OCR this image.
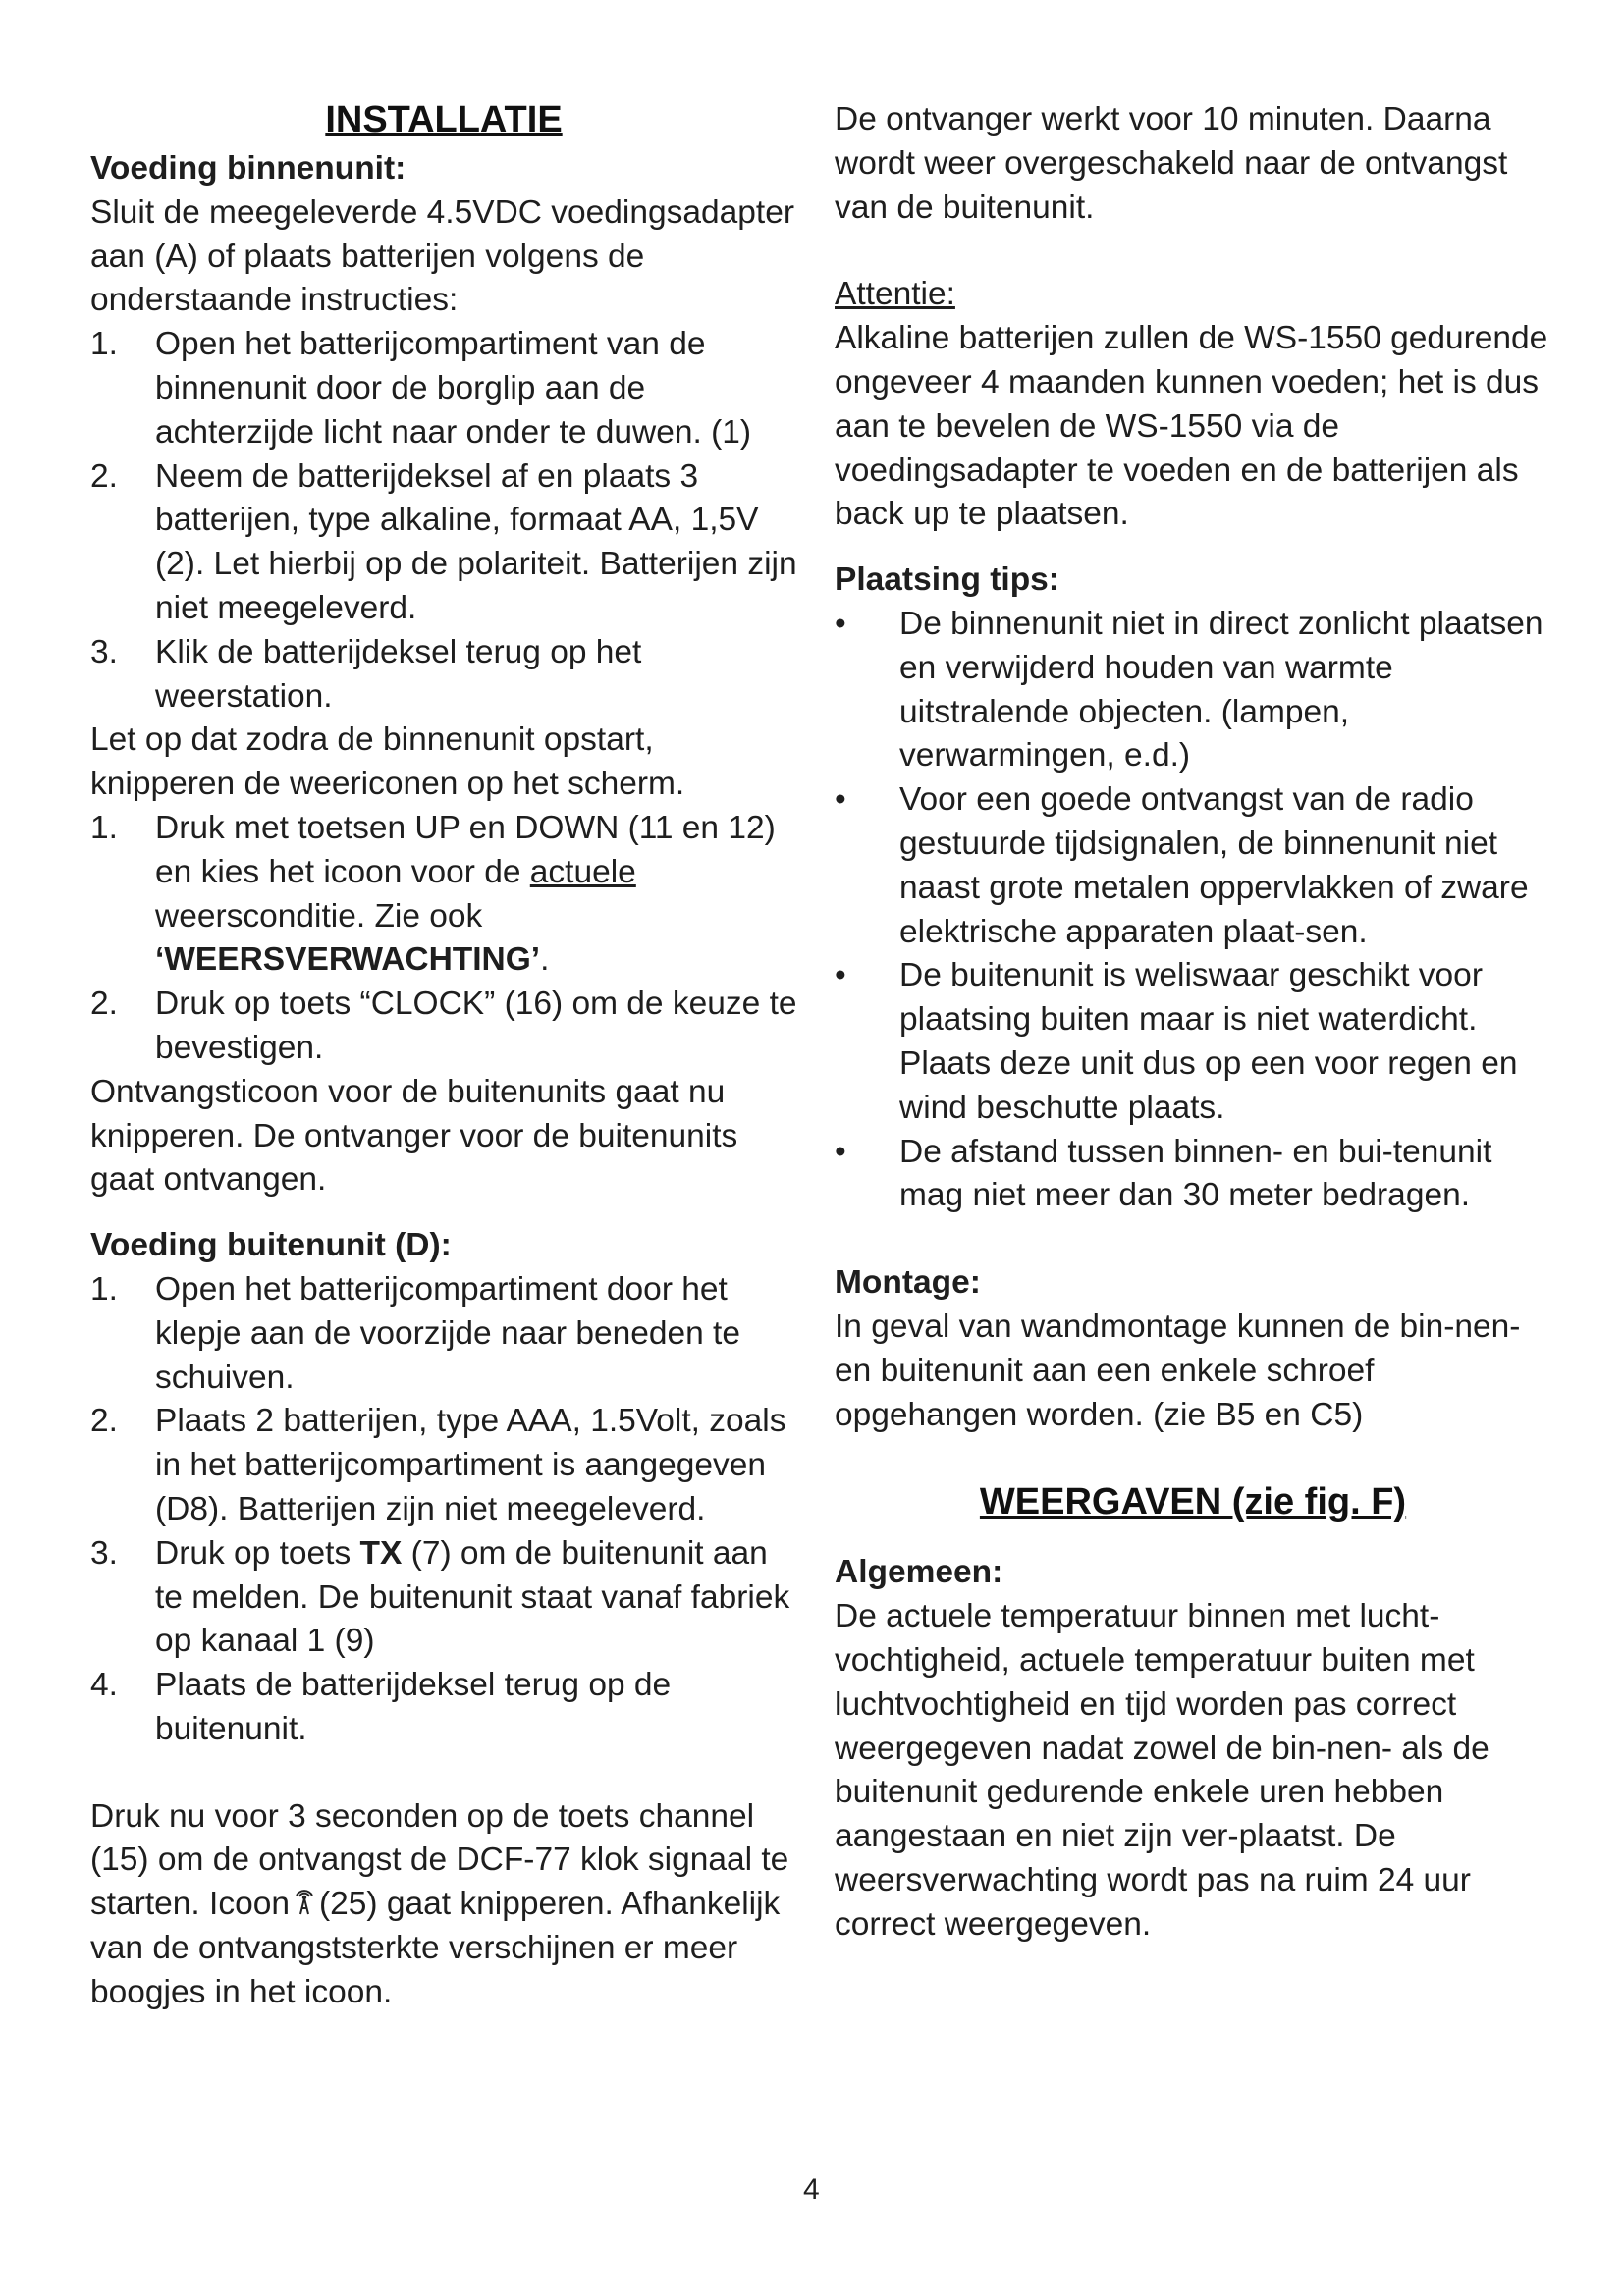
INSTALLATIE

Voeding binnenunit:

Sluit de meegeleverde 4.5VDC voedingsadapter aan (A) of plaats batterijen volgens de onderstaande instructies:

1. Open het batterijcompartiment van de binnenunit door de borglip aan de achterzijde licht naar onder te duwen. (1)
2. Neem de batterijdeksel af en plaats 3 batterijen, type alkaline, formaat AA, 1,5V (2). Let hierbij op de polariteit. Batterijen zijn niet meegeleverd.
3. Klik de batterijdeksel terug op het weerstation.

Let op dat zodra de binnenunit opstart, knipperen de weericonen op het scherm.

1. Druk met toetsen UP en DOWN (11 en 12) en kies het icoon voor de actuele weersconditie. Zie ook ‘WEERSVERWACHTING’.
2. Druk op toets “CLOCK” (16) om de keuze te bevestigen.

Ontvangsticoon voor de buitenunits gaat nu knipperen. De ontvanger voor de buitenunits gaat ontvangen.

Voeding buitenunit (D):

1. Open het batterijcompartiment door het klepje aan de voorzijde naar beneden te schuiven.
2. Plaats 2 batterijen, type AAA, 1.5Volt, zoals in het batterijcompartiment is aangegeven (D8). Batterijen zijn niet meegeleverd.
3. Druk op toets TX (7) om de buitenunit aan te melden. De buitenunit staat vanaf fabriek op kanaal 1 (9)
4. Plaats de batterijdeksel terug op de buitenunit.

Druk nu voor 3 seconden op de toets channel (15) om de ontvangst de DCF-77 klok signaal te starten. Icoon (25) gaat knipperen. Afhankelijk van de ontvangststerkte verschijnen er meer boogjes in het icoon.

De ontvanger werkt voor 10 minuten. Daarna wordt weer overgeschakeld naar de ontvangst van de buitenunit.

Attentie:

Alkaline batterijen zullen de WS-1550 gedurende ongeveer 4 maanden kunnen voeden; het is dus aan te bevelen de WS-1550 via de voedingsadapter te voeden en de batterijen als back up te plaatsen.

Plaatsing tips:

• De binnenunit niet in direct zonlicht plaatsen en verwijderd houden van warmte uitstralende objecten. (lampen, verwarmingen, e.d.)
• Voor een goede ontvangst van de radio gestuurde tijdsignalen, de binnenunit niet naast grote metalen oppervlakken of zware elektrische apparaten plaat-sen.
• De buitenunit is weliswaar geschikt voor plaatsing buiten maar is niet waterdicht. Plaats deze unit dus op een voor regen en wind beschutte plaats.
• De afstand tussen binnen- en bui-tenunit mag niet meer dan 30 meter bedragen.

Montage:

In geval van wandmontage kunnen de bin-nen- en buitenunit aan een enkele schroef opgehangen worden. (zie B5 en C5)

WEERGAVEN (zie fig. F)

Algemeen:

De actuele temperatuur binnen met lucht-vochtigheid, actuele temperatuur buiten met luchtvochtigheid en tijd worden pas correct weergegeven nadat zowel de bin-nen- als de buitenunit gedurende enkele uren hebben aangestaan en niet zijn ver-plaatst. De weersverwachting wordt pas na ruim 24 uur correct weergegeven.

4
